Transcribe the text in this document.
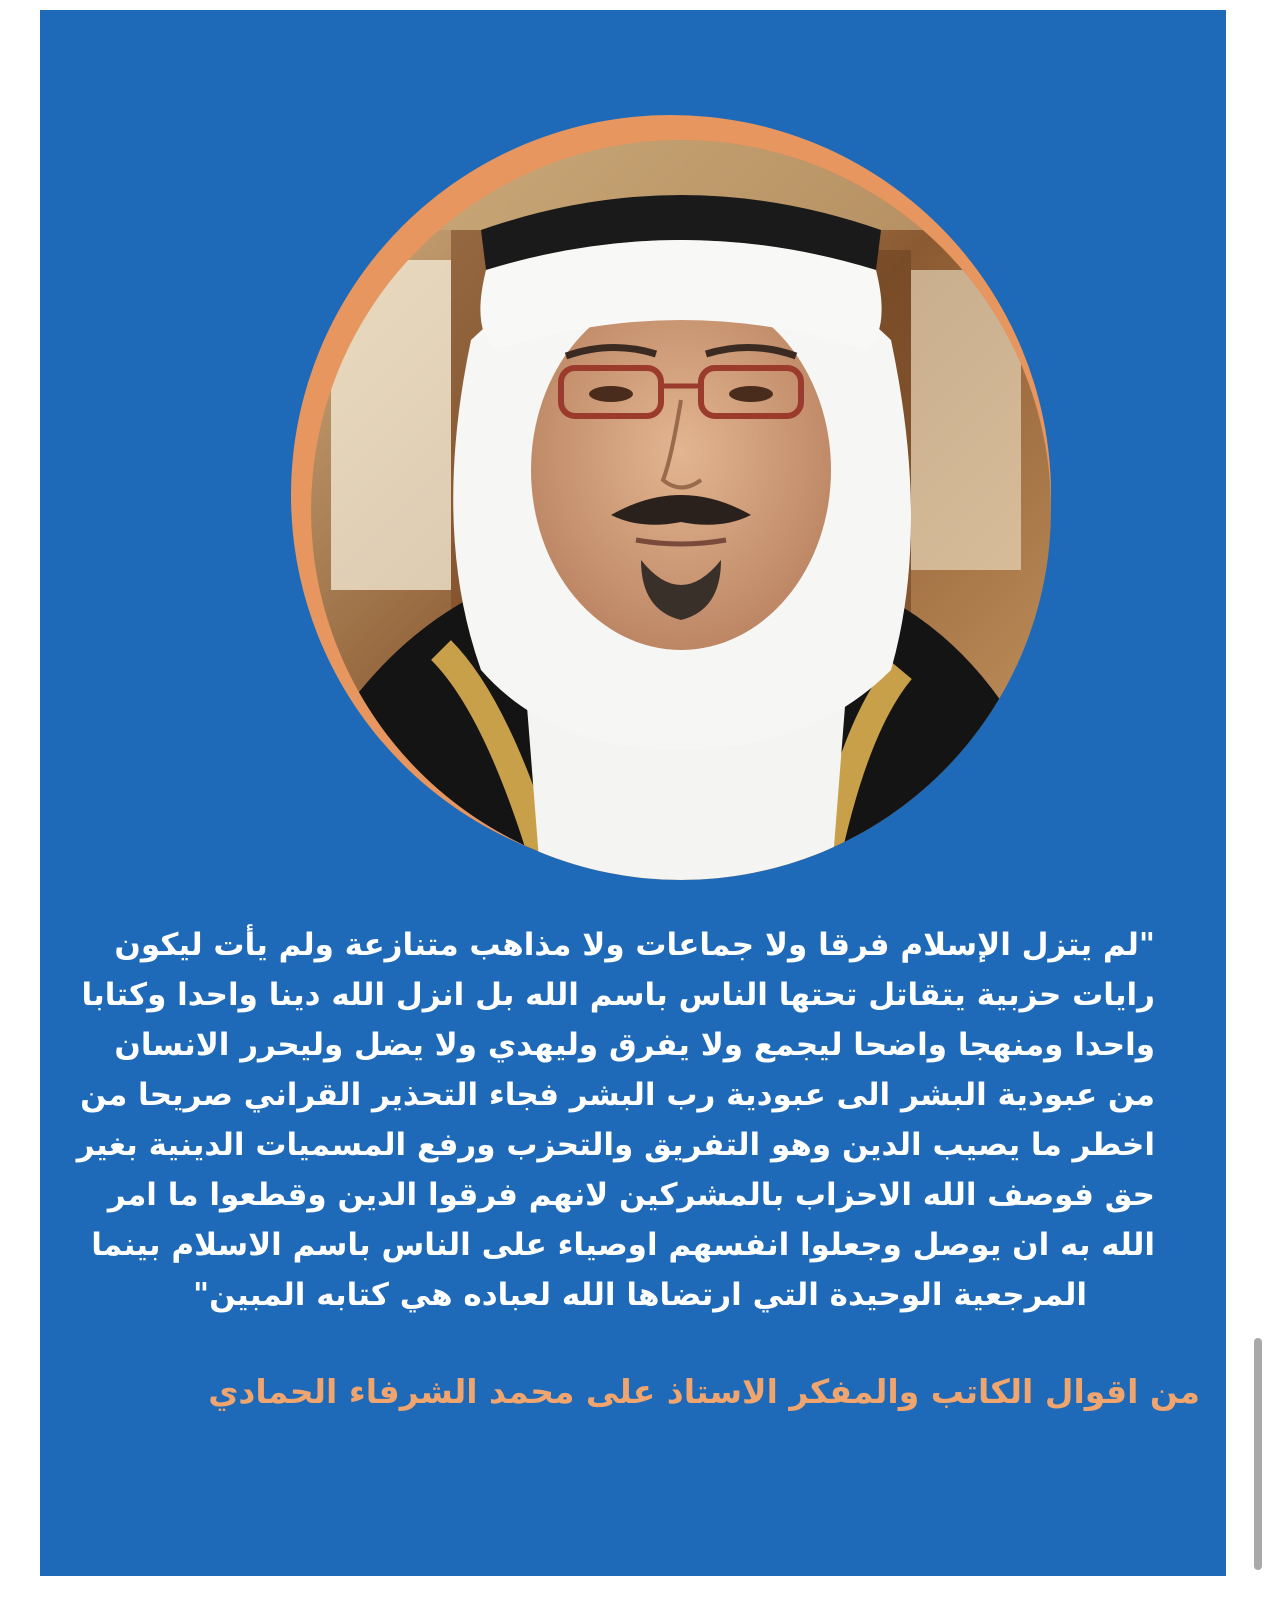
"لم يتزل الإسلام فرقا ولا جماعات ولا مذاهب متنازعة ولم يأت ليكون
رايات حزبية يتقاتل تحتها الناس باسم الله بل انزل الله دينا واحدا وكتابا
واحدا ومنهجا واضحا ليجمع ولا يفرق وليهدي ولا يضل وليحرر الانسان
من عبودية البشر الى عبودية رب البشر فجاء التحذير القراني صريحا من
اخطر ما يصيب الدين وهو التفريق والتحزب ورفع المسميات الدينية بغير
حق فوصف الله الاحزاب بالمشركين لانهم فرقوا الدين وقطعوا ما امر
الله به ان يوصل وجعلوا انفسهم اوصياء على الناس باسم الاسلام بينما
المرجعية الوحيدة التي ارتضاها الله لعباده هي كتابه المبين"
من اقوال الكاتب والمفكر الاستاذ على محمد الشرفاء الحمادي
